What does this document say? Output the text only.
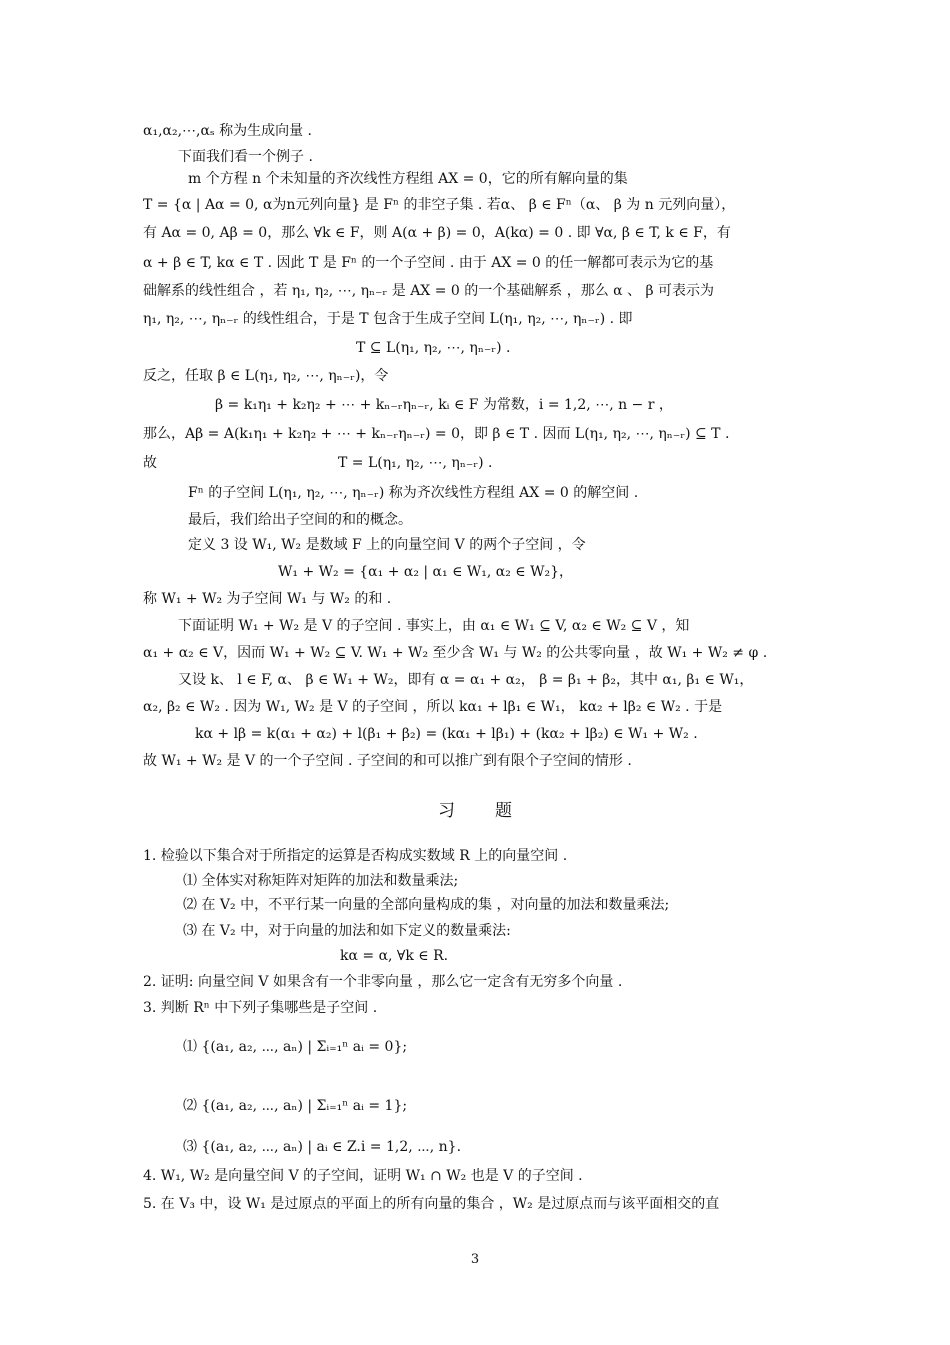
α₁,α₂,⋯,αₛ 称为生成向量 .
下面我们看一个例子 .
m 个方程 n 个未知量的齐次线性方程组 AX = 0，它的所有解向量的集
T = {α | Aα = 0, α为n元列向量} 是 Fⁿ 的非空子集 . 若α、 β ∈ Fⁿ（α、 β 为 n 元列向量），
有 Aα = 0, Aβ = 0，那么 ∀k ∈ F，则 A(α + β) = 0，A(kα) = 0 . 即 ∀α, β ∈ T, k ∈ F，有
α + β ∈ T, kα ∈ T . 因此 T 是 Fⁿ 的一个子空间 . 由于 AX = 0 的任一解都可表示为它的基
础解系的线性组合 ，若 η₁, η₂, ⋯, ηₙ₋ᵣ 是 AX = 0 的一个基础解系 ，那么 α 、 β 可表示为
η₁, η₂, ⋯, ηₙ₋ᵣ 的线性组合，于是 T 包含于生成子空间 L(η₁, η₂, ⋯, ηₙ₋ᵣ) . 即
T ⊆ L(η₁, η₂, ⋯, ηₙ₋ᵣ) .
反之，任取 β ∈ L(η₁, η₂, ⋯, ηₙ₋ᵣ)，令
β = k₁η₁ + k₂η₂ + ⋯ + kₙ₋ᵣηₙ₋ᵣ, kᵢ ∈ F 为常数，i = 1,2, ⋯, n − r ，
那么，Aβ = A(k₁η₁ + k₂η₂ + ⋯ + kₙ₋ᵣηₙ₋ᵣ) = 0，即 β ∈ T . 因而 L(η₁, η₂, ⋯, ηₙ₋ᵣ) ⊆ T .
故	T = L(η₁, η₂, ⋯, ηₙ₋ᵣ) .
Fⁿ 的子空间 L(η₁, η₂, ⋯, ηₙ₋ᵣ) 称为齐次线性方程组 AX = 0 的解空间 .
最后，我们给出子空间的和的概念。
定义 3 设 W₁, W₂ 是数域 F 上的向量空间 V 的两个子空间 ，令
W₁ + W₂ = {α₁ + α₂ | α₁ ∈ W₁, α₂ ∈ W₂}，
称 W₁ + W₂ 为子空间 W₁ 与 W₂ 的和 .
下面证明 W₁ + W₂ 是 V 的子空间 . 事实上，由 α₁ ∈ W₁ ⊆ V, α₂ ∈ W₂ ⊆ V ，知
α₁ + α₂ ∈ V，因而 W₁ + W₂ ⊆ V. W₁ + W₂ 至少含 W₁ 与 W₂ 的公共零向量 ，故 W₁ + W₂ ≠ φ .
又设 k、 l ∈ F, α、 β ∈ W₁ + W₂，即有 α = α₁ + α₂， β = β₁ + β₂，其中 α₁, β₁ ∈ W₁，
α₂, β₂ ∈ W₂ . 因为 W₁, W₂ 是 V 的子空间 ，所以 kα₁ + lβ₁ ∈ W₁， kα₂ + lβ₂ ∈ W₂ . 于是
kα + lβ = k(α₁ + α₂) + l(β₁ + β₂) = (kα₁ + lβ₁) + (kα₂ + lβ₂) ∈ W₁ + W₂ .
故 W₁ + W₂ 是 V 的一个子空间 . 子空间的和可以推广到有限个子空间的情形 .
习题
1. 检验以下集合对于所指定的运算是否构成实数域 R 上的向量空间 .
⑴ 全体实对称矩阵对矩阵的加法和数量乘法;
⑵ 在 V₂ 中，不平行某一向量的全部向量构成的集 ，对向量的加法和数量乘法;
⑶ 在 V₂ 中，对于向量的加法和如下定义的数量乘法:
kα = α, ∀k ∈ R.
2. 证明: 向量空间 V 如果含有一个非零向量 ，那么它一定含有无穷多个向量 .
3. 判断 Rⁿ 中下列子集哪些是子空间 .
⑴ {(a₁, a₂, ⋯, aₙ) | Σᵢ₌₁ⁿ aᵢ = 0};
⑵ {(a₁, a₂, ⋯, aₙ) | Σᵢ₌₁ⁿ aᵢ = 1};
⑶ {(a₁, a₂, ⋯, aₙ) | aᵢ ∈ Z.i = 1,2, ⋯, n}.
4. W₁, W₂ 是向量空间 V 的子空间，证明 W₁ ∩ W₂ 也是 V 的子空间 .
5. 在 V₃ 中，设 W₁ 是过原点的平面上的所有向量的集合 ，W₂ 是过原点而与该平面相交的直
3
